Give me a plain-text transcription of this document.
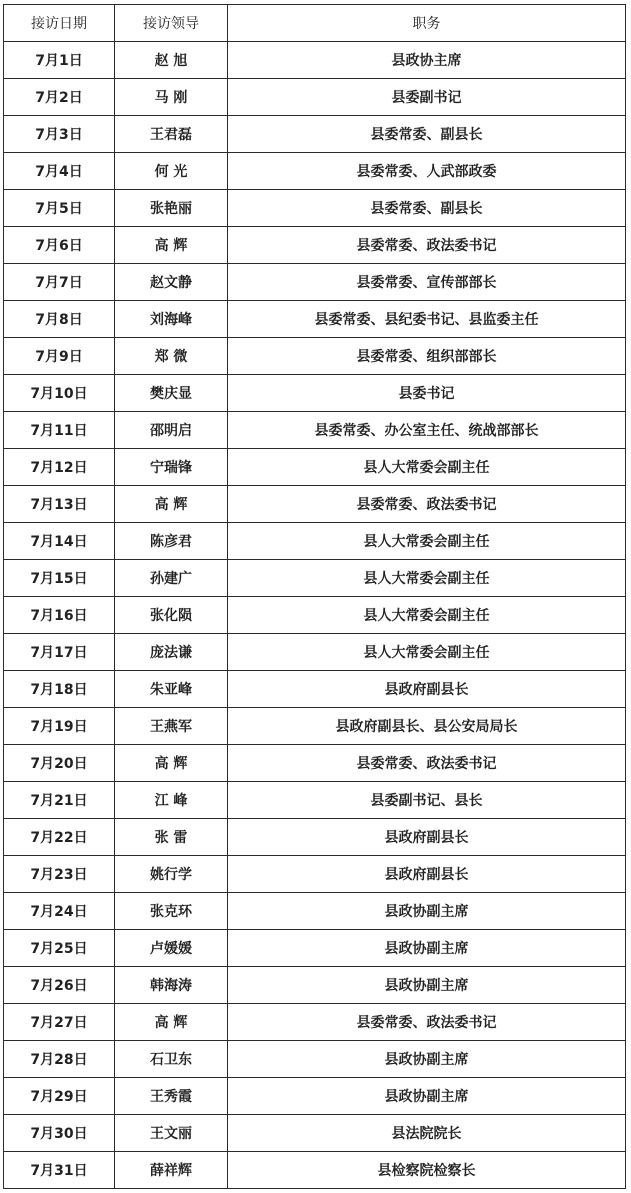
接访日期	接访领导	职务
7月1日	赵 旭	县政协主席
7月2日	马 刚	县委副书记
7月3日	王君磊	县委常委、副县长
7月4日	何 光	县委常委、人武部政委
7月5日	张艳丽	县委常委、副县长
7月6日	高 辉	县委常委、政法委书记
7月7日	赵文静	县委常委、宣传部部长
7月8日	刘海峰	县委常委、县纪委书记、县监委主任
7月9日	郑 微	县委常委、组织部部长
7月10日	樊庆显	县委书记
7月11日	邵明启	县委常委、办公室主任、统战部部长
7月12日	宁瑞锋	县人大常委会副主任
7月13日	高 辉	县委常委、政法委书记
7月14日	陈彦君	县人大常委会副主任
7月15日	孙建广	县人大常委会副主任
7月16日	张化陨	县人大常委会副主任
7月17日	庞法谦	县人大常委会副主任
7月18日	朱亚峰	县政府副县长
7月19日	王燕军	县政府副县长、县公安局局长
7月20日	高 辉	县委常委、政法委书记
7月21日	江 峰	县委副书记、县长
7月22日	张 雷	县政府副县长
7月23日	姚行学	县政府副县长
7月24日	张克环	县政协副主席
7月25日	卢媛媛	县政协副主席
7月26日	韩海涛	县政协副主席
7月27日	高 辉	县委常委、政法委书记
7月28日	石卫东	县政协副主席
7月29日	王秀霞	县政协副主席
7月30日	王文丽	县法院院长
7月31日	薛祥辉	县检察院检察长
